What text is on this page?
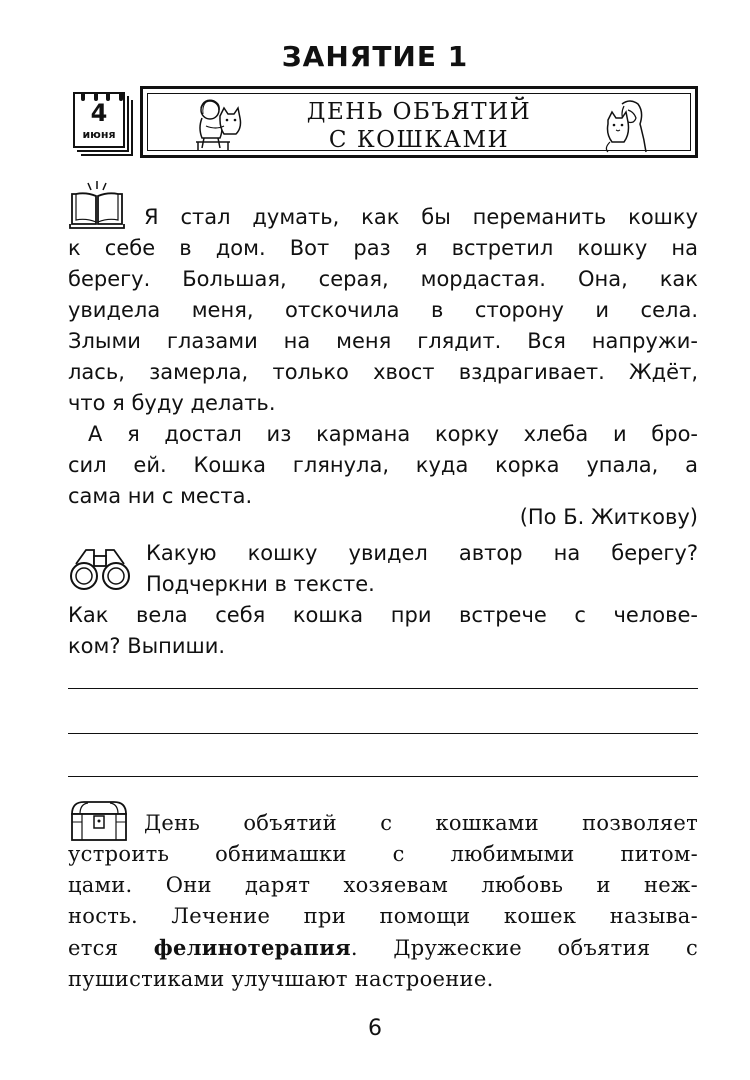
ЗАНЯТИЕ 1
4
июня
ДЕНЬ ОБЪЯТИЙ
С КОШКАМИ
Я стал думать, как бы переманить кошку
к себе в дом. Вот раз я встретил кошку на
берегу. Большая, серая, мордастая. Она, как
увидела меня, отскочила в сторону и села.
Злыми глазами на меня глядит. Вся напружи-
лась, замерла, только хвост вздрагивает. Ждёт,
что я буду делать.
А я достал из кармана корку хлеба и бро-
сил ей. Кошка глянула, куда корка упала, а
сама ни с места.
(По Б. Житкову)
Какую кошку увидел автор на берегу?
Подчеркни в тексте.
Как вела себя кошка при встрече с челове-
ком? Выпиши.
День объятий с кошками позволяет
устроить обнимашки с любимыми питом-
цами. Они дарят хозяевам любовь и неж-
ность. Лечение при помощи кошек называ-
ется фелинотерапия. Дружеские объятия с
пушистиками улучшают настроение.
6
